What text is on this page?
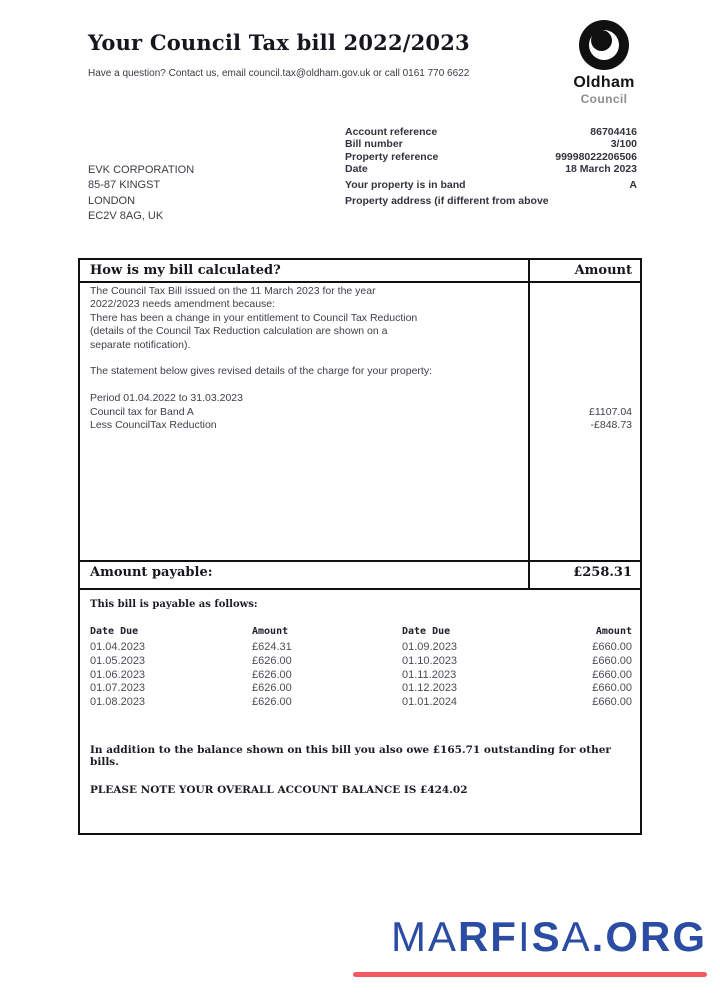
Your Council Tax bill 2022/2023
Have a question? Contact us, email council.tax@oldham.gov.uk or call 0161 770 6622
Oldham
Council
EVK CORPORATION
85-87 KINGST
LONDON
EC2V 8AG, UK
Account reference	86704416
Bill number	3/100
Property reference	99998022206506
Date	18 March 2023
Your property is in band	A
Property address (if different from above
How is my bill calculated?	Amount
The Council Tax Bill issued on the 11 March 2023 for the year
2022/2023 needs amendment because:
There has been a change in your entitlement to Council Tax Reduction
(details of the Council Tax Reduction calculation are shown on a
separate notification).
The statement below gives revised details of the charge for your property:
Period 01.04.2022 to 31.03.2023
Council tax for Band A	£1107.04
Less CouncilTax Reduction	-£848.73
Amount payable:	£258.31
This bill is payable as follows:
Date Due	Amount	Date Due	Amount
01.04.2023	£624.31	01.09.2023	£660.00
01.05.2023	£626.00	01.10.2023	£660.00
01.06.2023	£626.00	01.11.2023	£660.00
01.07.2023	£626.00	01.12.2023	£660.00
01.08.2023	£626.00	01.01.2024	£660.00
In addition to the balance shown on this bill you also owe £165.71 outstanding for other bills.
PLEASE NOTE YOUR OVERALL ACCOUNT BALANCE IS £424.02
MARFISA.ORG
